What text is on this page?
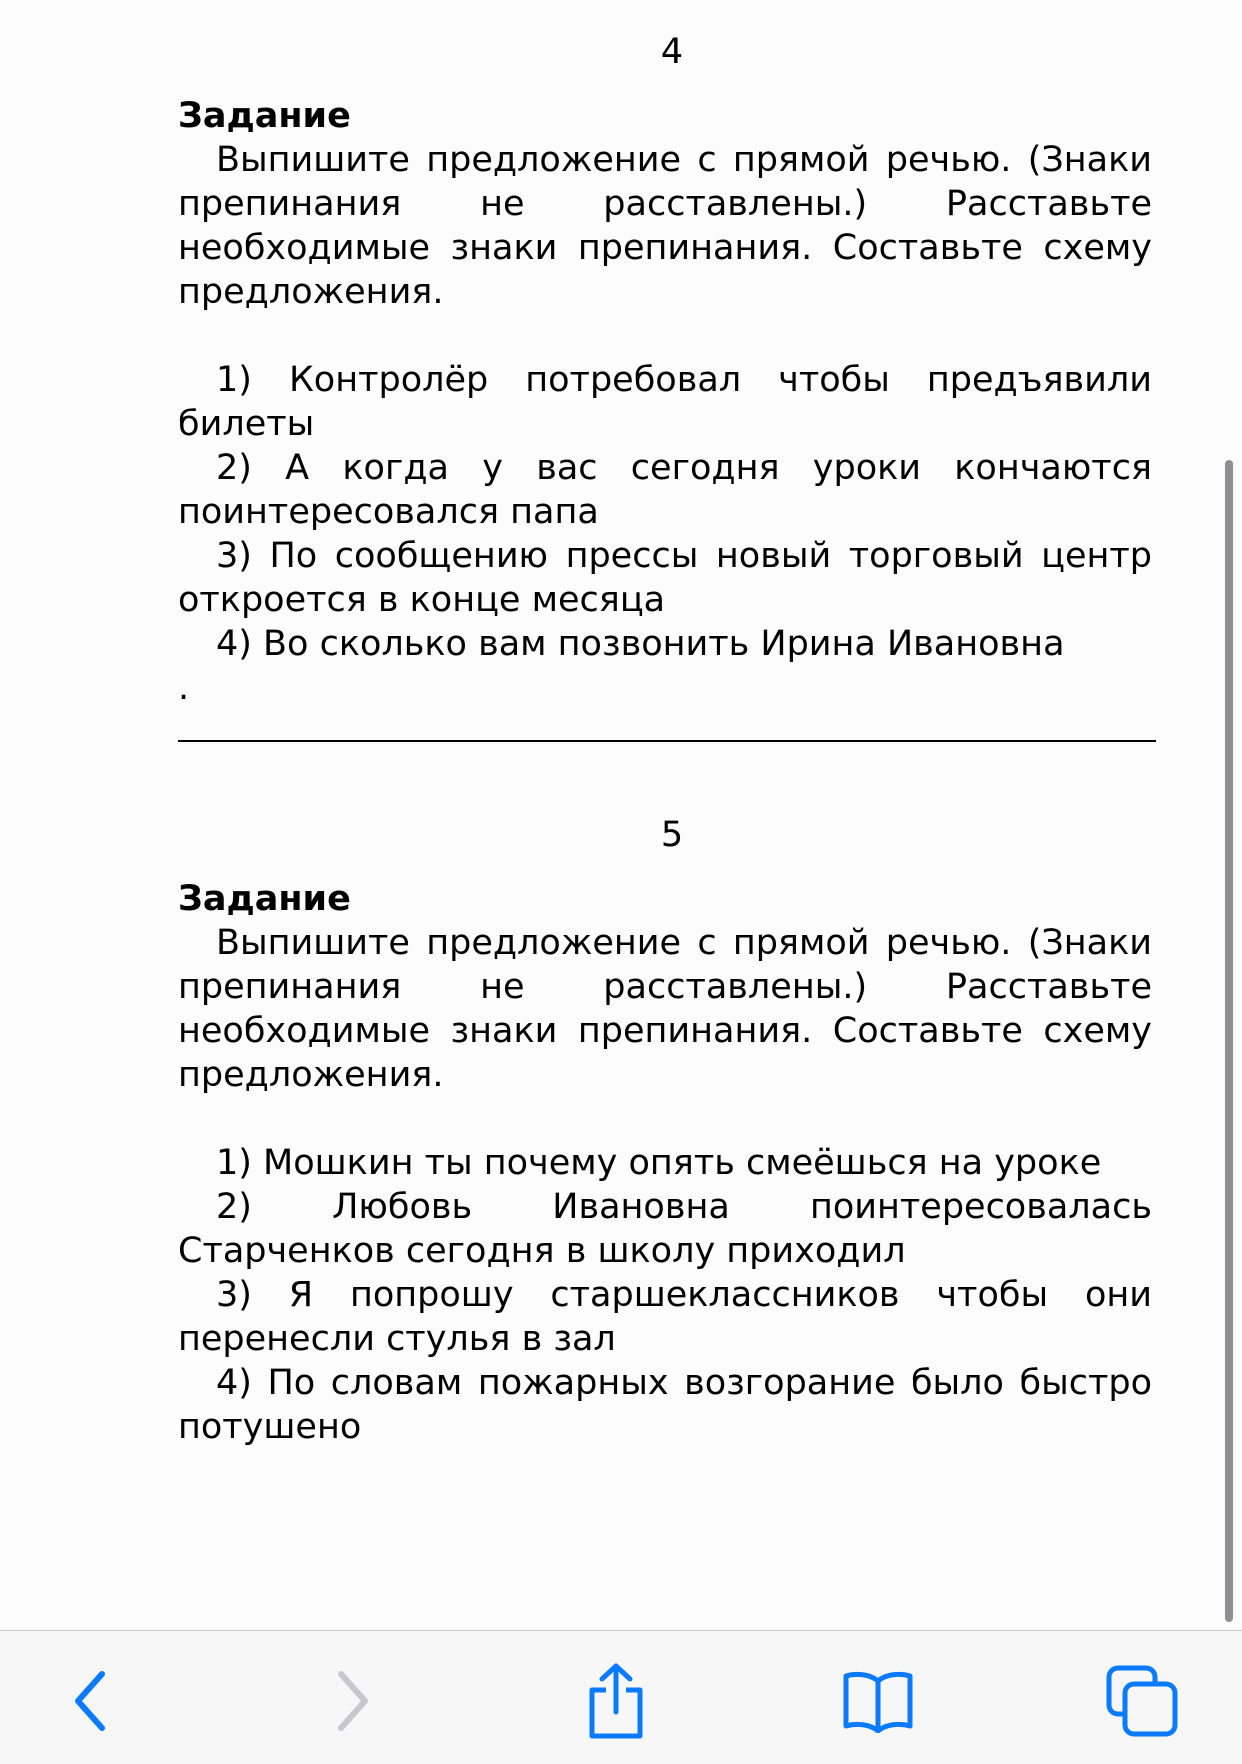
4
Задание

Выпишите предложение с прямой речью. (Знаки препинания не расставлены.) Расставьте необходимые знаки препинания. Составьте схему предложения.

1) Контролёр потребовал чтобы предъявили билеты

2) А когда у вас сегодня уроки кончаются поинтересовался папа

3) По сообщению прессы новый торговый центр откроется в конце месяца

4) Во сколько вам позвонить Ирина Ивановна

.
5
Задание

Выпишите предложение с прямой речью. (Знаки препинания не расставлены.) Расставьте необходимые знаки препинания. Составьте схему предложения.

1) Мошкин ты почему опять смеёшься на уроке

2) Любовь Ивановна поинтересовалась Старченков сегодня в школу приходил

3) Я попрошу старшеклассников чтобы они перенесли стулья в зал

4) По словам пожарных возгорание было быстро потушено
